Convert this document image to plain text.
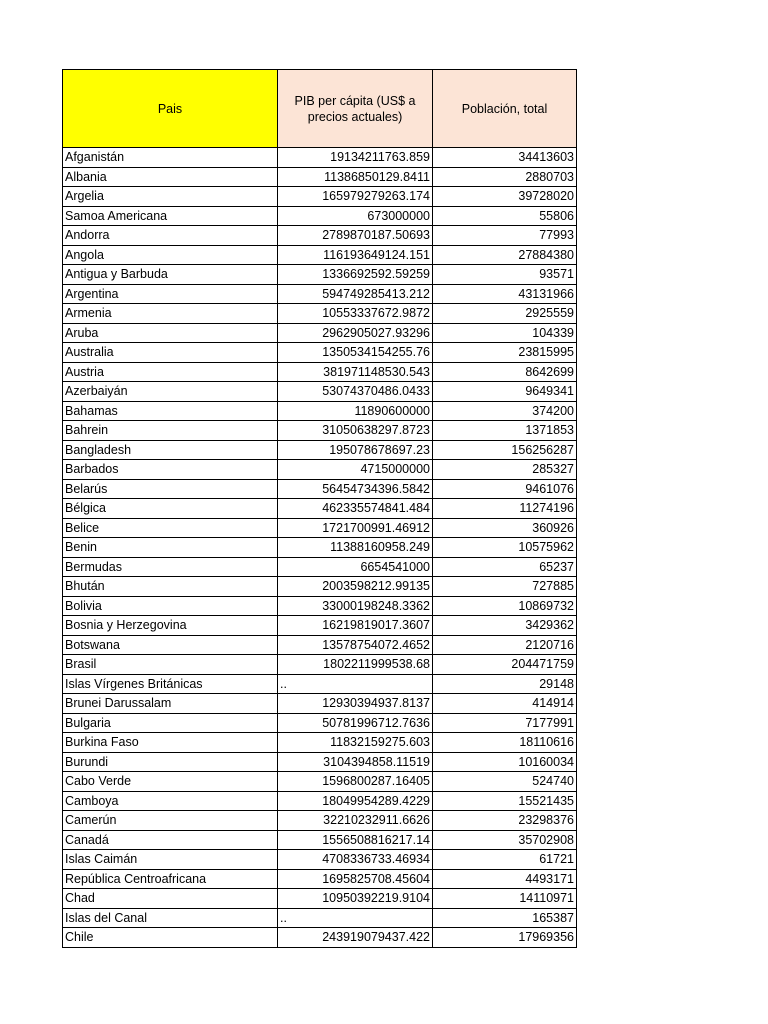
Pais	PIB per cápita (US$ a precios actuales)	Población, total
Afganistán	19134211763.859	34413603
Albania	11386850129.8411	2880703
Argelia	165979279263.174	39728020
Samoa Americana	673000000	55806
Andorra	2789870187.50693	77993
Angola	116193649124.151	27884380
Antigua y Barbuda	1336692592.59259	93571
Argentina	594749285413.212	43131966
Armenia	10553337672.9872	2925559
Aruba	2962905027.93296	104339
Australia	1350534154255.76	23815995
Austria	381971148530.543	8642699
Azerbaiyán	53074370486.0433	9649341
Bahamas	11890600000	374200
Bahrein	31050638297.8723	1371853
Bangladesh	195078678697.23	156256287
Barbados	4715000000	285327
Belarús	56454734396.5842	9461076
Bélgica	462335574841.484	11274196
Belice	1721700991.46912	360926
Benin	11388160958.249	10575962
Bermudas	6654541000	65237
Bhután	2003598212.99135	727885
Bolivia	33000198248.3362	10869732
Bosnia y Herzegovina	16219819017.3607	3429362
Botswana	13578754072.4652	2120716
Brasil	1802211999538.68	204471759
Islas Vírgenes Británicas	..	29148
Brunei Darussalam	12930394937.8137	414914
Bulgaria	50781996712.7636	7177991
Burkina Faso	11832159275.603	18110616
Burundi	3104394858.11519	10160034
Cabo Verde	1596800287.16405	524740
Camboya	18049954289.4229	15521435
Camerún	32210232911.6626	23298376
Canadá	1556508816217.14	35702908
Islas Caimán	4708336733.46934	61721
República Centroafricana	1695825708.45604	4493171
Chad	10950392219.9104	14110971
Islas del Canal	..	165387
Chile	243919079437.422	17969356
